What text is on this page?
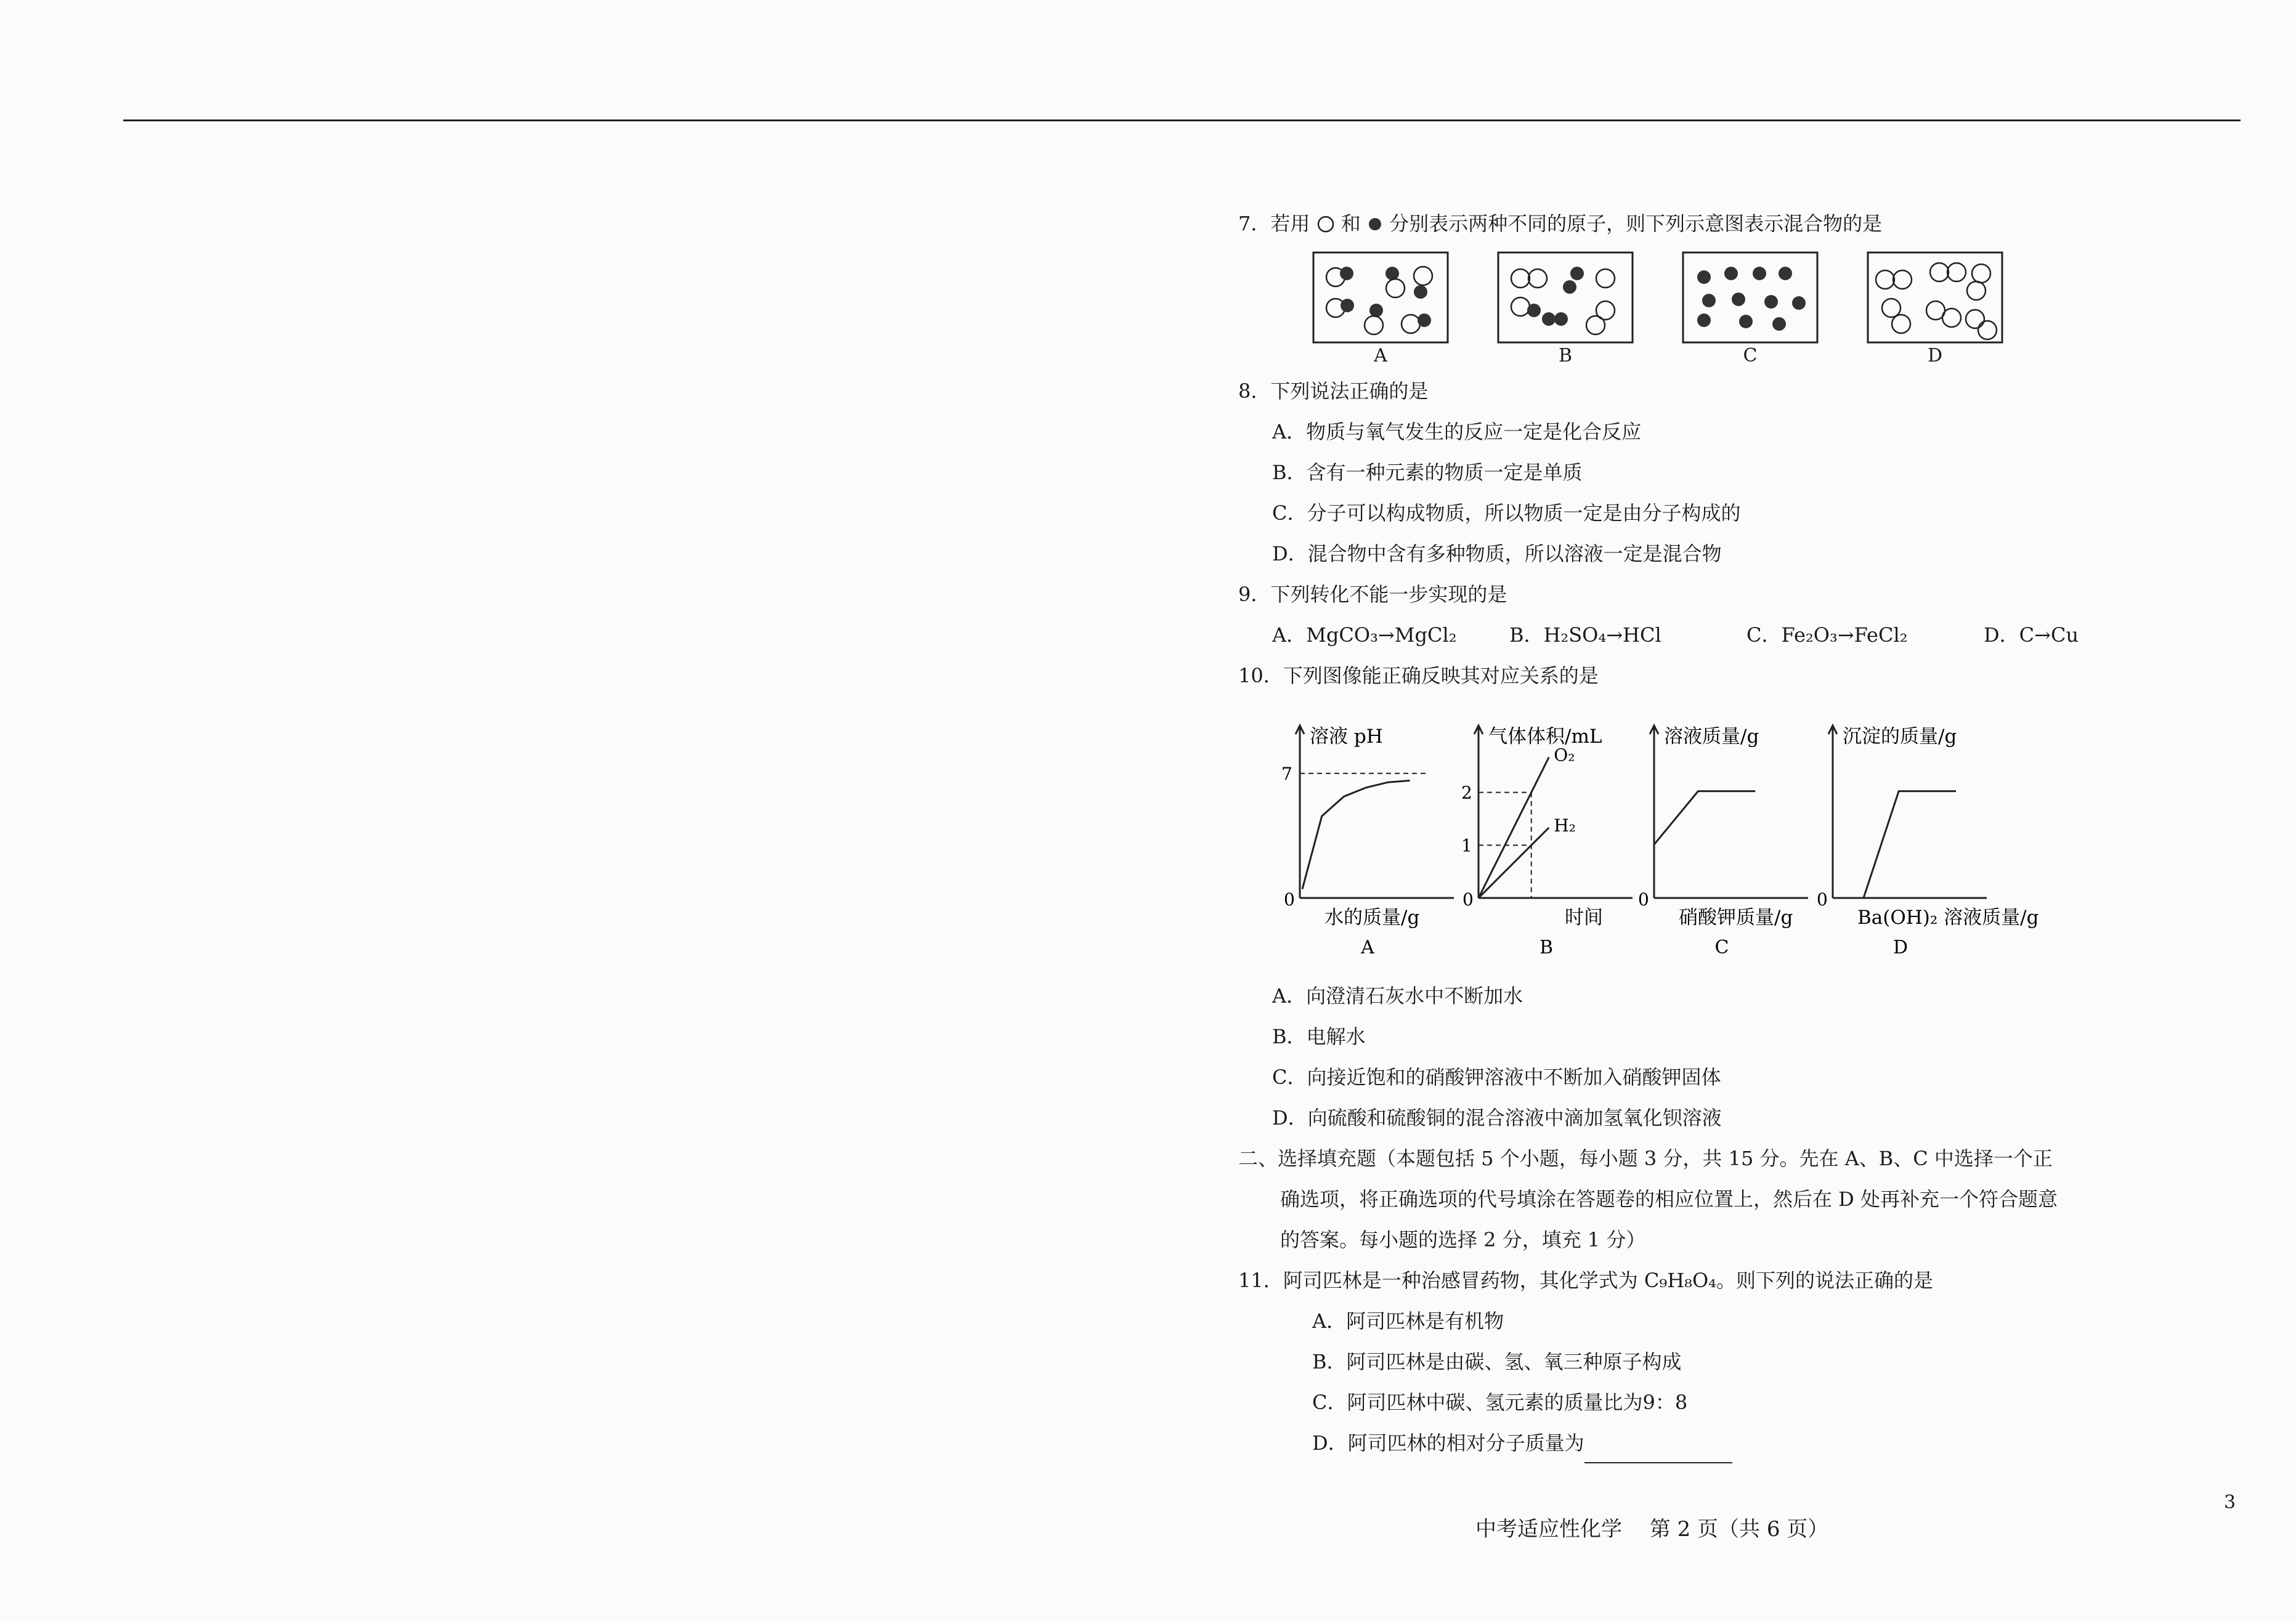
7．若用 和 分别表示两种不同的原子，则下列示意图表示混合物的是
A	B	C	D
8．下列说法正确的是
A．物质与氧气发生的反应一定是化合反应
B．含有一种元素的物质一定是单质
C．分子可以构成物质，所以物质一定是由分子构成的
D．混合物中含有多种物质，所以溶液一定是混合物
9．下列转化不能一步实现的是
A．MgCO₃→MgCl₂	B．H₂SO₄→HCl	C．Fe₂O₃→FeCl₂	D．C→Cu
10．下列图像能正确反映其对应关系的是
溶液 pH
0
水的质量/g
A
7
气体体积/mL
0
时间
B
2
1
O₂
H₂
溶液质量/g
0
硝酸钾质量/g
C
沉淀的质量/g
0
Ba(OH)₂ 溶液质量/g
D
A．向澄清石灰水中不断加水
B．电解水
C．向接近饱和的硝酸钾溶液中不断加入硝酸钾固体
D．向硫酸和硫酸铜的混合溶液中滴加氢氧化钡溶液
二、选择填充题（本题包括 5 个小题，每小题 3 分，共 15 分。先在 A、B、C 中选择一个正
确选项，将正确选项的代号填涂在答题卷的相应位置上，然后在 D 处再补充一个符合题意
的答案。每小题的选择 2 分，填充 1 分）
11．阿司匹林是一种治感冒药物，其化学式为 C₉H₈O₄。则下列的说法正确的是
A．阿司匹林是有机物
B．阿司匹林是由碳、氢、氧三种原子构成
C．阿司匹林中碳、氢元素的质量比为9：8
D．阿司匹林的相对分子质量为
中考适应性化学　 第 2 页（共 6 页）
3
